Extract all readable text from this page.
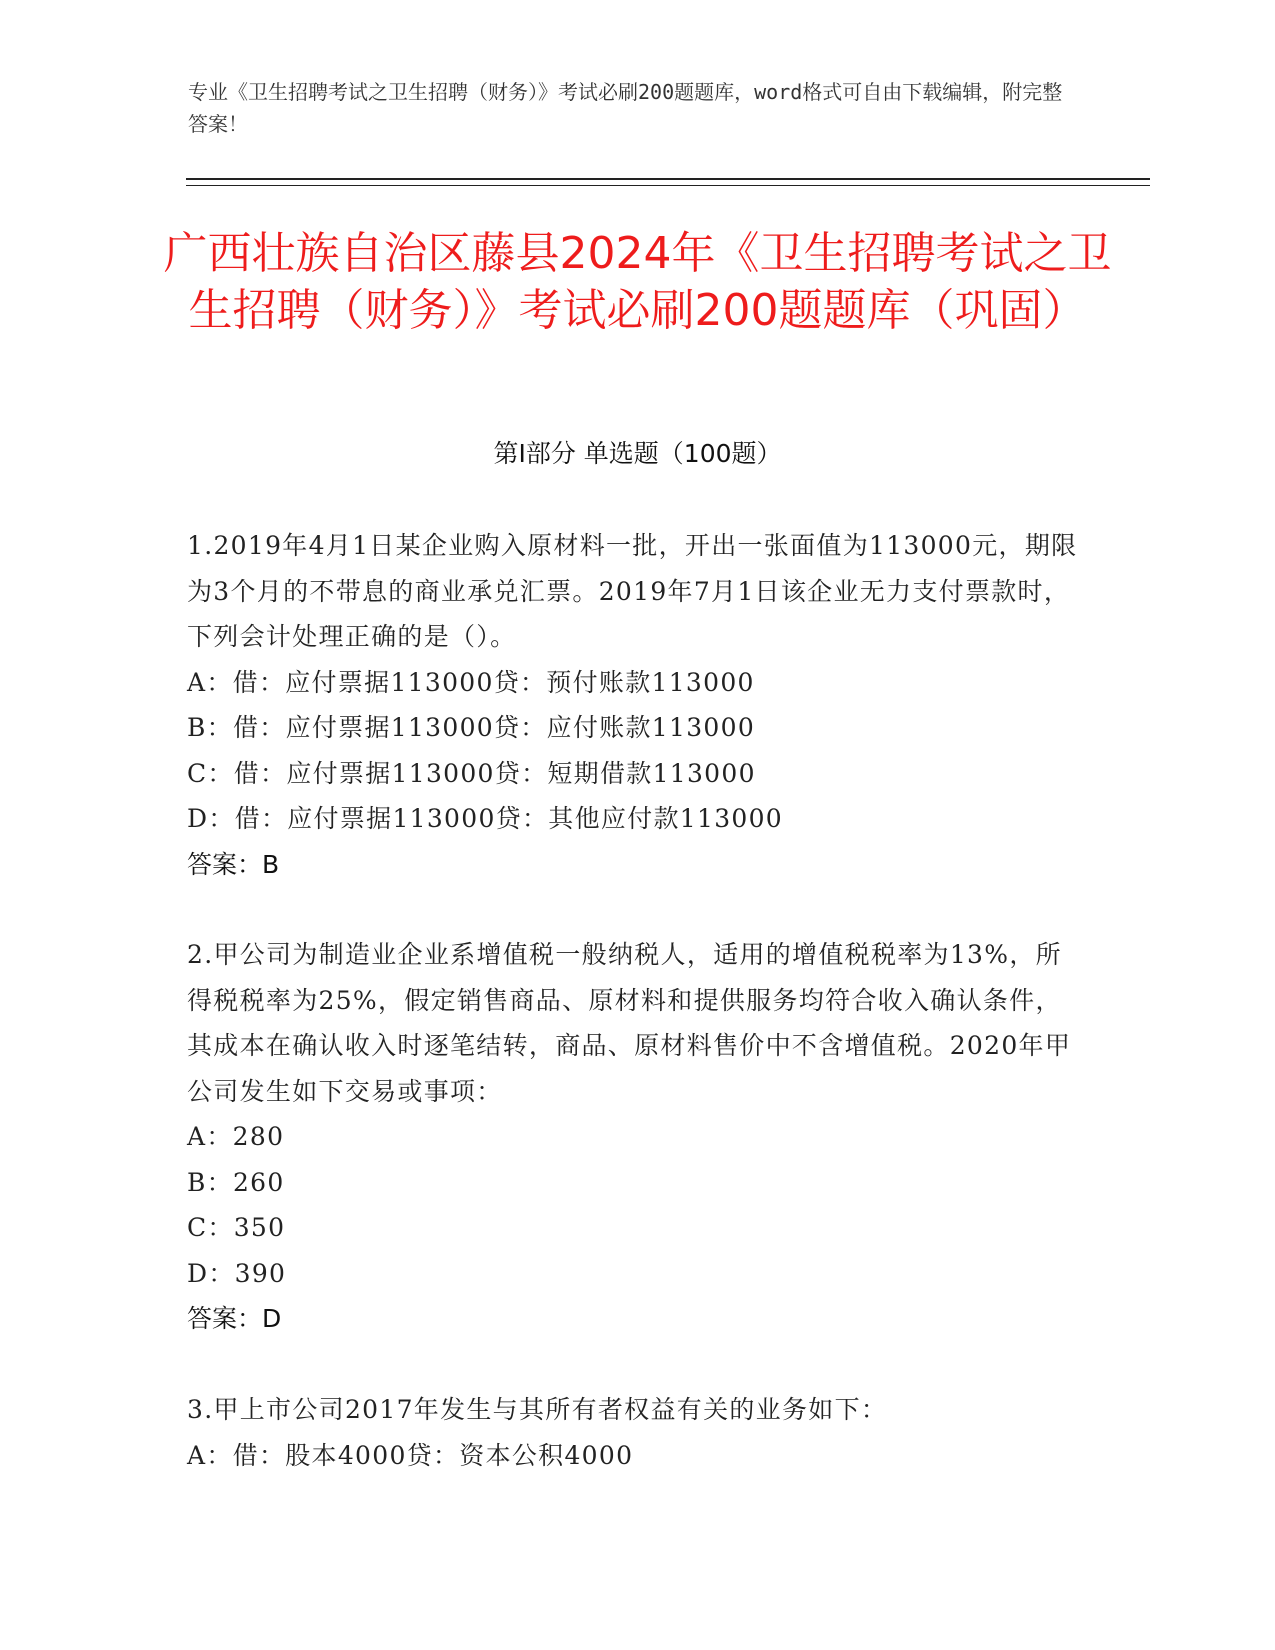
专业《卫生招聘考试之卫生招聘（财务）》考试必刷200题题库，word格式可自由下载编辑，附完整答案！
广西壮族自治区藤县2024年《卫生招聘考试之卫生招聘（财务）》考试必刷200题题库（巩固）
第I部分 单选题（100题）

1.2019年4月1日某企业购入原材料一批，开出一张面值为113000元，期限为3个月的不带息的商业承兑汇票。2019年7月1日该企业无力支付票款时，下列会计处理正确的是（）。

A：借：应付票据113000贷：预付账款113000

B：借：应付票据113000贷：应付账款113000

C：借：应付票据113000贷：短期借款113000

D：借：应付票据113000贷：其他应付款113000

答案：B

2.甲公司为制造业企业系增值税一般纳税人，适用的增值税税率为13%，所得税税率为25%，假定销售商品、原材料和提供服务均符合收入确认条件，其成本在确认收入时逐笔结转，商品、原材料售价中不含增值税。2020年甲公司发生如下交易或事项：

A：280

B：260

C：350

D：390

答案：D

3.甲上市公司2017年发生与其所有者权益有关的业务如下：

A：借：股本4000贷：资本公积4000
